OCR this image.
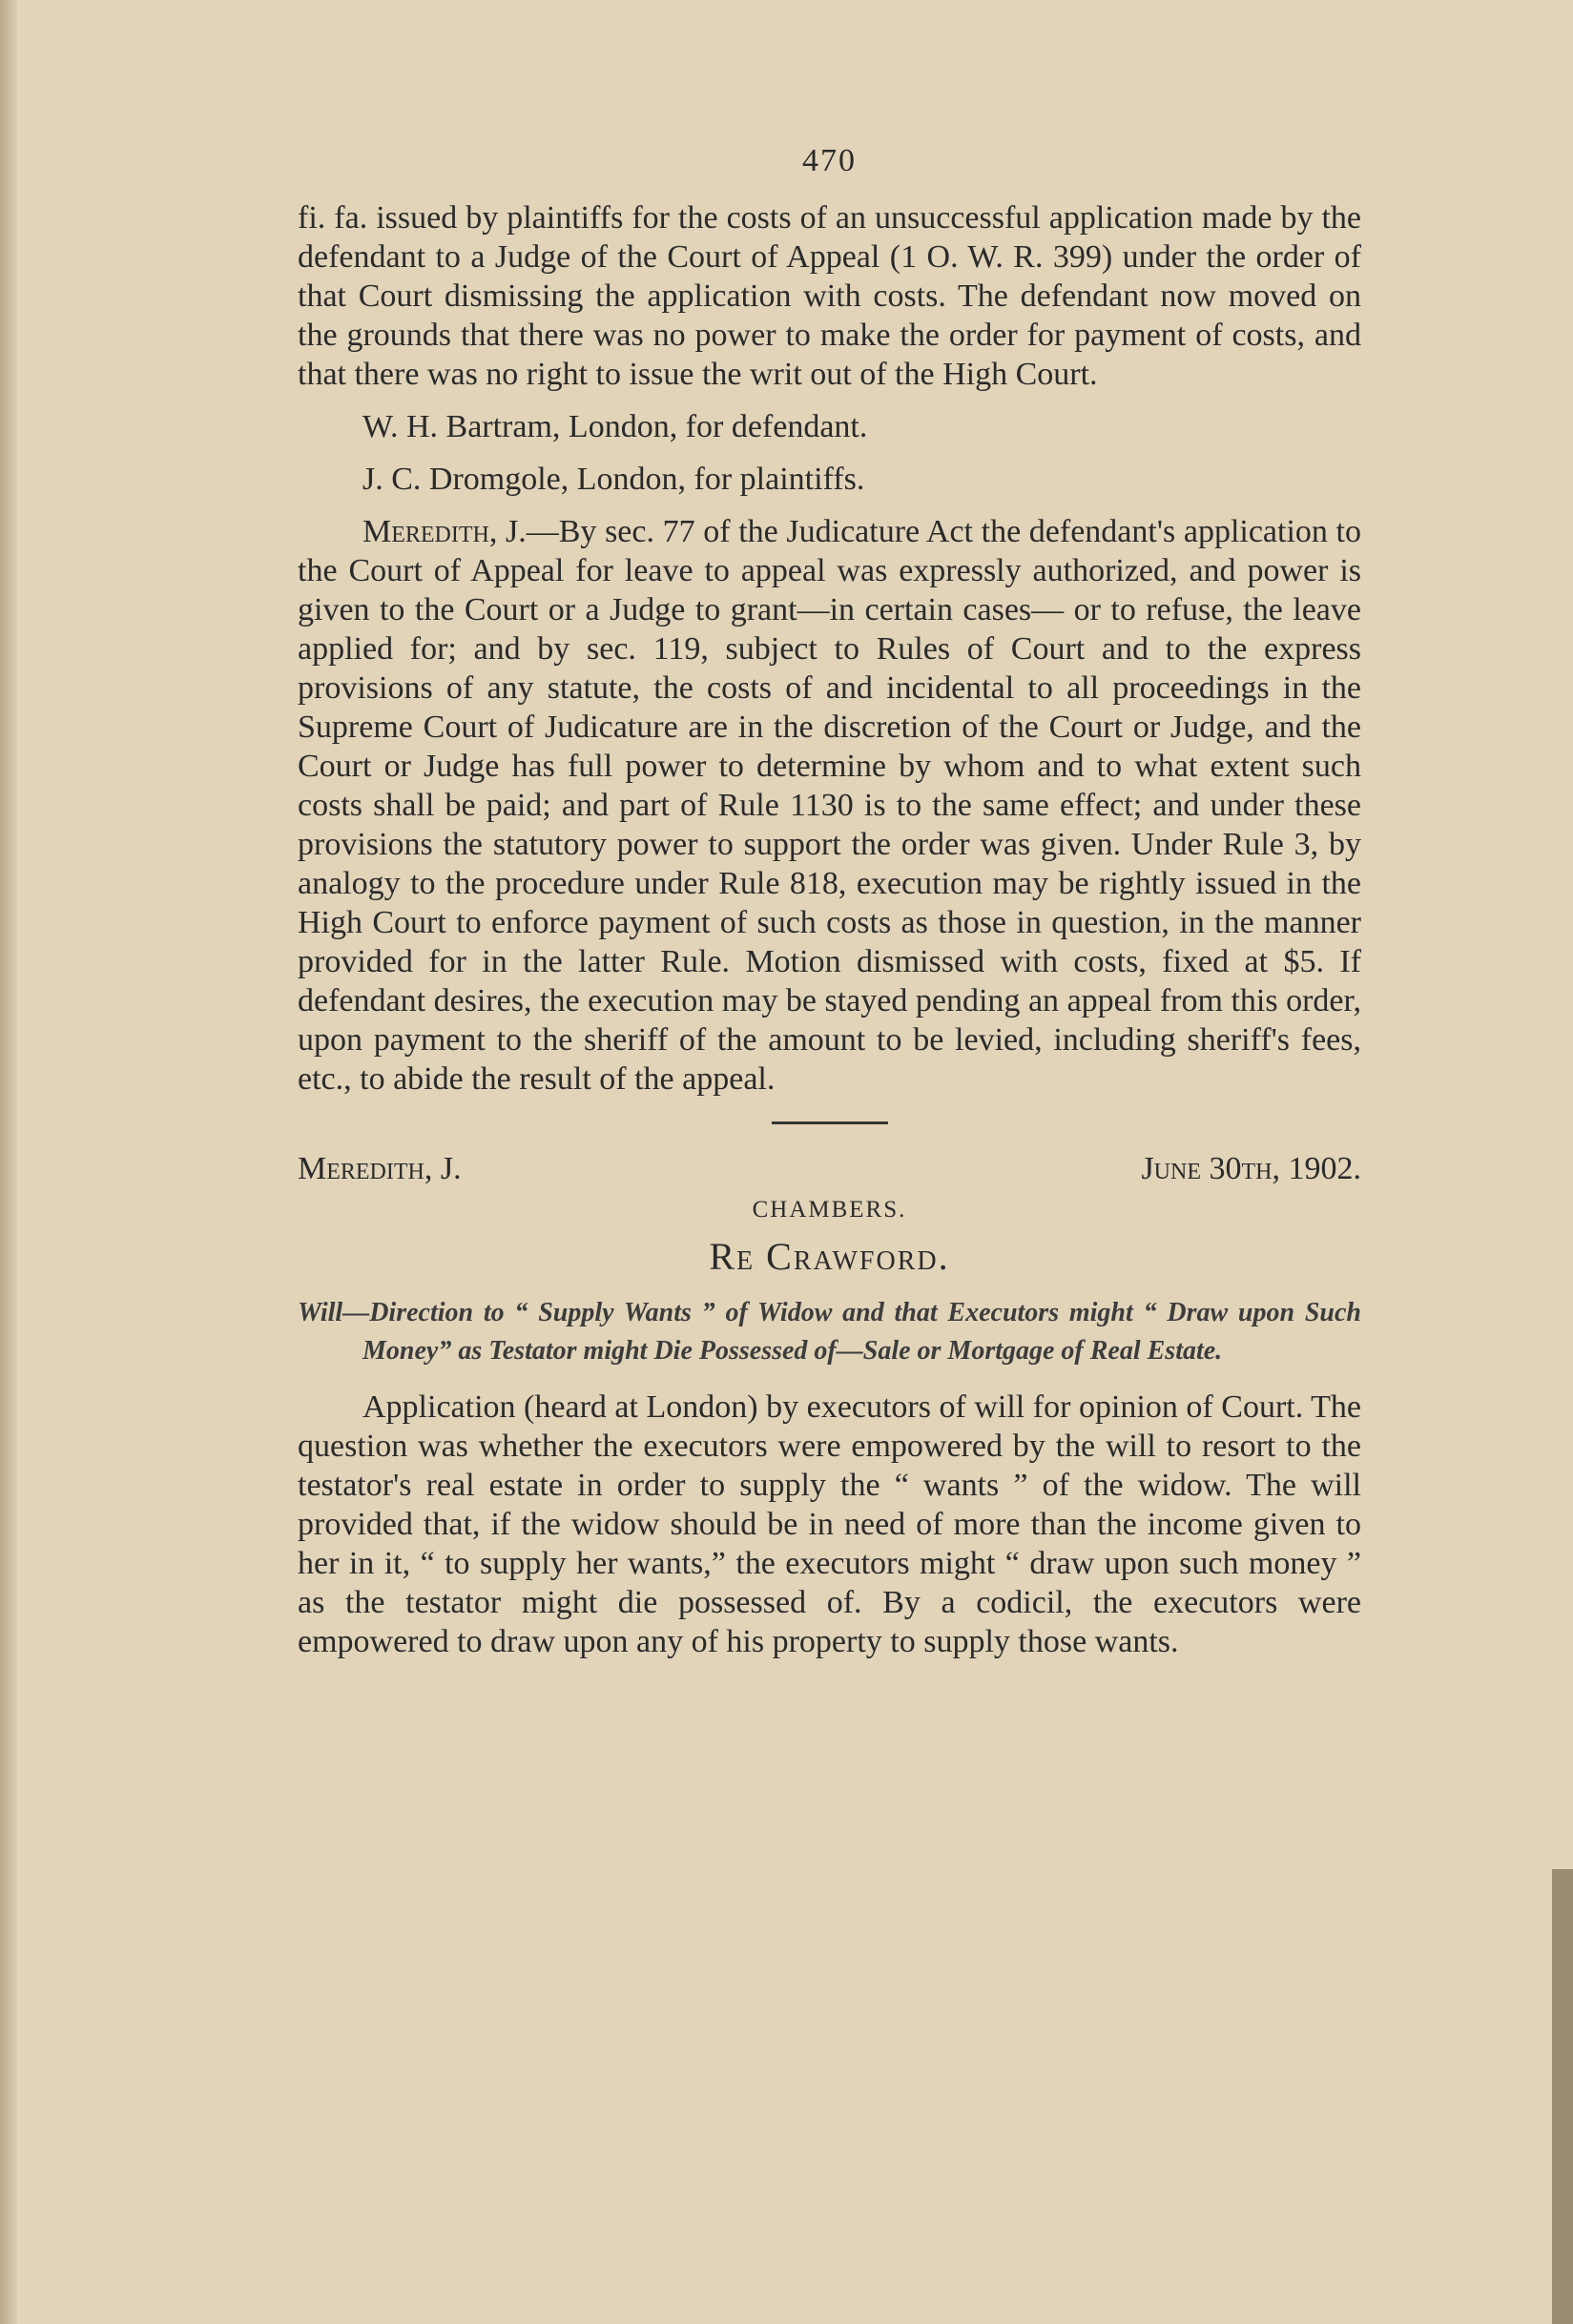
470

fi. fa. issued by plaintiffs for the costs of an unsuccessful application made by the defendant to a Judge of the Court of Appeal (1 O. W. R. 399) under the order of that Court dismissing the application with costs. The defendant now moved on the grounds that there was no power to make the order for payment of costs, and that there was no right to issue the writ out of the High Court.

W. H. Bartram, London, for defendant.

J. C. Dromgole, London, for plaintiffs.

Meredith, J.—By sec. 77 of the Judicature Act the defendant's application to the Court of Appeal for leave to appeal was expressly authorized, and power is given to the Court or a Judge to grant—in certain cases— or to refuse, the leave applied for; and by sec. 119, subject to Rules of Court and to the express provisions of any statute, the costs of and incidental to all proceedings in the Supreme Court of Judicature are in the discretion of the Court or Judge, and the Court or Judge has full power to determine by whom and to what extent such costs shall be paid; and part of Rule 1130 is to the same effect; and under these provisions the statutory power to support the order was given. Under Rule 3, by analogy to the procedure under Rule 818, execution may be rightly issued in the High Court to enforce payment of such costs as those in question, in the manner provided for in the latter Rule. Motion dismissed with costs, fixed at $5. If defendant desires, the execution may be stayed pending an appeal from this order, upon payment to the sheriff of the amount to be levied, including sheriff's fees, etc., to abide the result of the appeal.

Meredith, J.	June 30th, 1902.
CHAMBERS.
Re Crawford.

Will—Direction to “ Supply Wants ” of Widow and that Executors might “ Draw upon Such Money” as Testator might Die Possessed of—Sale or Mortgage of Real Estate.

Application (heard at London) by executors of will for opinion of Court. The question was whether the executors were empowered by the will to resort to the testator's real estate in order to supply the “ wants ” of the widow. The will provided that, if the widow should be in need of more than the income given to her in it, “ to supply her wants,” the executors might “ draw upon such money ” as the testator might die possessed of. By a codicil, the executors were empowered to draw upon any of his property to supply those wants.
